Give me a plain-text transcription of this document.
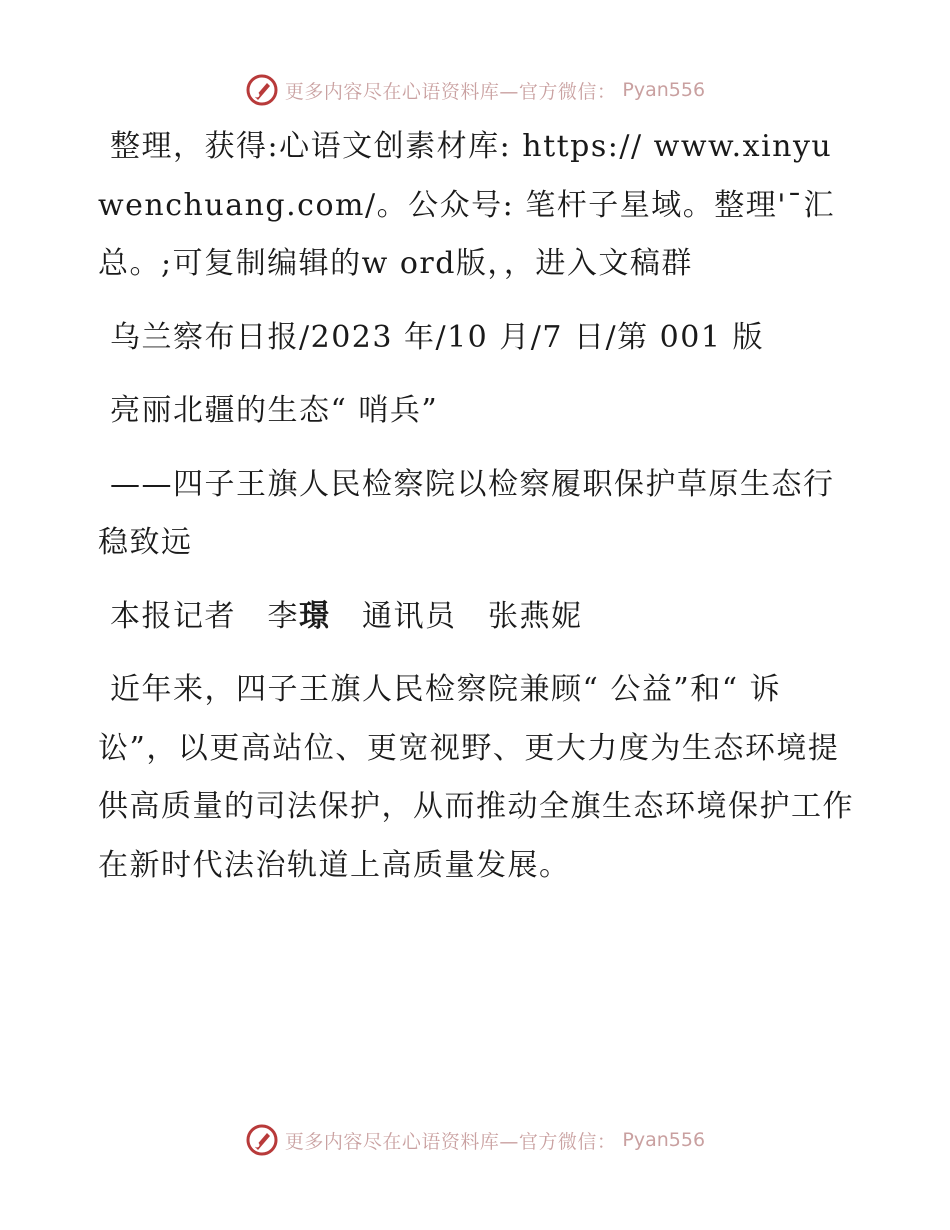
更多内容尽在心语资料库—官方微信： Pyan556

整理，获得:心语文创素材库: https:// www.xinyuwenchuang.com/。公众号: 笔杆子星域。整理'¯汇总。;可复制编辑的w ord版，，进入文稿群

乌兰察布日报/2023 年/10 月/7 日/第 001 版

亮丽北疆的生态“ 哨兵”

——四子王旗人民检察院以检察履职保护草原生态行稳致远

本报记者　李璟　通讯员　张燕妮

近年来，四子王旗人民检察院兼顾“ 公益”和“ 诉讼”，以更高站位、更宽视野、更大力度为生态环境提供高质量的司法保护，从而推动全旗生态环境保护工作在新时代法治轨道上高质量发展。

更多内容尽在心语资料库—官方微信： Pyan556
